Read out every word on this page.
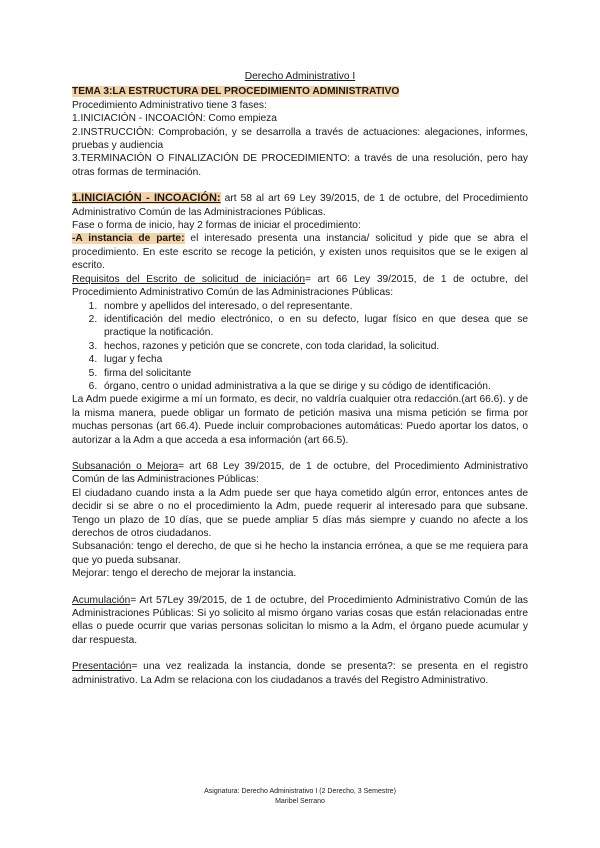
Derecho Administrativo I

TEMA 3:LA ESTRUCTURA DEL PROCEDIMIENTO ADMINISTRATIVO

Procedimiento Administrativo tiene 3 fases:

1.INICIACIÓN - INCOACIÓN: Como empieza

2.INSTRUCCIÓN: Comprobación, y se desarrolla a través de actuaciones: alegaciones, informes, pruebas y audiencia

3.TERMINACIÓN O FINALIZACIÓN DE PROCEDIMIENTO: a través de una resolución, pero hay otras formas de terminación.

1.INICIACIÓN - INCOACIÓN: art 58 al art 69 Ley 39/2015, de 1 de octubre, del Procedimiento Administrativo Común de las Administraciones Públicas.

Fase o forma de inicio, hay 2 formas de iniciar el procedimiento:

-A instancia de parte: el interesado presenta una instancia/ solicitud y pide que se abra el procedimiento. En este escrito se recoge la petición, y existen unos requisitos que se le exigen al escrito.

Requisitos del Escrito de solicitud de iniciación= art 66 Ley 39/2015, de 1 de octubre, del Procedimiento Administrativo Común de las Administraciones Públicas:

1. nombre y apellidos del interesado, o del representante.
2. identificación del medio electrónico, o en su defecto, lugar físico en que desea que se practique la notificación.
3. hechos, razones y petición que se concrete, con toda claridad, la solicitud.
4. lugar y fecha
5. firma del solicitante
6. órgano, centro o unidad administrativa a la que se dirige y su código de identificación.

La Adm puede exigirme a mí un formato, es decir, no valdría cualquier otra redacción.(art 66.6). y de la misma manera, puede obligar un formato de petición masiva una misma petición se firma por muchas personas (art 66.4). Puede incluir comprobaciones automáticas: Puedo aportar los datos, o autorizar a la Adm a que acceda a esa información (art 66.5).

Subsanación o Mejora= art 68 Ley 39/2015, de 1 de octubre, del Procedimiento Administrativo Común de las Administraciones Públicas:

El ciudadano cuando insta a la Adm puede ser que haya cometido algún error, entonces antes de decidir si se abre o no el procedimiento la Adm, puede requerir al interesado para que subsane. Tengo un plazo de 10 días, que se puede ampliar 5 días más siempre y cuando no afecte a los derechos de otros ciudadanos.

Subsanación: tengo el derecho, de que si he hecho la instancia errónea, a que se me requiera para que yo pueda subsanar.

Mejorar: tengo el derecho de mejorar la instancia.

Acumulación= Art 57Ley 39/2015, de 1 de octubre, del Procedimiento Administrativo Común de las Administraciones Públicas: Si yo solicito al mismo órgano varias cosas que están relacionadas entre ellas o puede ocurrir que varias personas solicitan lo mismo a la Adm, el órgano puede acumular y dar respuesta.

Presentación= una vez realizada la instancia, donde se presenta?: se presenta en el registro administrativo. La Adm se relaciona con los ciudadanos a través del Registro Administrativo.

Asignatura: Derecho Administrativo I (2 Derecho, 3 Semestre)
Maribel Serrano
